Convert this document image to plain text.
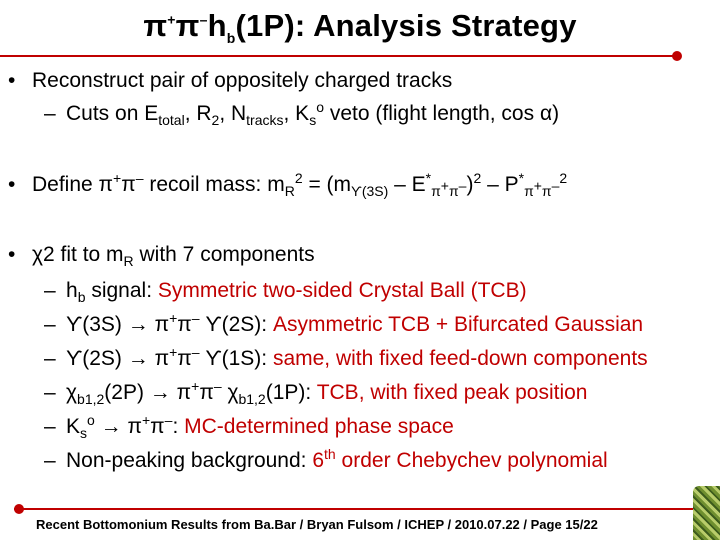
$\pi^+\pi^-h_b(1P)$: Analysis Strategy
• Reconstruct pair of oppositely charged tracks
– Cuts on $E_{total}$, $R_2$, $N_{tracks}$, $K_s^o$ veto (flight length, cos α)
• Define π+π– recoil mass: $m_R^2 = (m_{ϒ(3S)} - E^*_{\pi^+\pi^-})^2 - P^*_{\pi^+\pi^-}^2$
• χ2 fit to $m_R$ with 7 components
– $h_b$ signal: Symmetric two-sided Crystal Ball (TCB)
– ϒ(3S) → π+π– ϒ(2S): Asymmetric TCB + Bifurcated Gaussian
– ϒ(2S) → π+π– ϒ(1S): same, with fixed feed-down components
– $\chi_{b1,2}(2P) \to \pi^+\pi^-$ $\chi_{b1,2}(1P)$: TCB, with fixed peak position
– $K_s^o \to \pi^+\pi^-$: MC-determined phase space
– Non-peaking background: 6th order Chebychev polynomial
Recent Bottomonium Results from Ba.Bar / Bryan Fulsom / ICHEP / 2010.07.22 / Page 15/22
